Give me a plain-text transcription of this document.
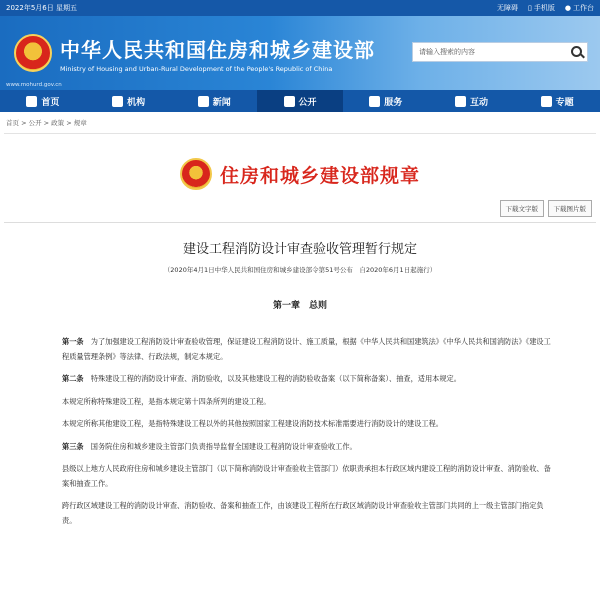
2022年5月6日 星期五	无障碍 ▯ 手机版 ● 工作台
中华人民共和国住房和城乡建设部
Ministry of Housing and Urban-Rural Development of the People's Republic of China
www.mohurd.gov.cn
请输入搜索的内容
首页	机构	新闻	公开	服务	互动	专题
首页 > 公开 > 政策 > 规章
住房和城乡建设部规章
下载文字版	下载图片版
建设工程消防设计审查验收管理暂行规定
（2020年4月1日中华人民共和国住房和城乡建设部令第51号公布　自2020年6月1日起施行）
第一章　总则

第一条　 为了加强建设工程消防设计审查验收管理，保证建设工程消防设计、施工质量，根据《中华人民共和国建筑法》《中华人民共和国消防法》《建设工程质量管理条例》等法律、行政法规，制定本规定。

第二条　 特殊建设工程的消防设计审查、消防验收，以及其他建设工程的消防验收备案（以下简称备案）、抽查，适用本规定。

本规定所称特殊建设工程，是指本规定第十四条所列的建设工程。

本规定所称其他建设工程，是指特殊建设工程以外的其他按照国家工程建设消防技术标准需要进行消防设计的建设工程。

第三条　 国务院住房和城乡建设主管部门负责指导监督全国建设工程消防设计审查验收工作。

县级以上地方人民政府住房和城乡建设主管部门（以下简称消防设计审查验收主管部门）依职责承担本行政区域内建设工程的消防设计审查、消防验收、备案和抽查工作。

跨行政区域建设工程的消防设计审查、消防验收、备案和抽查工作，由该建设工程所在行政区域消防设计审查验收主管部门共同的上一级主管部门指定负责。
